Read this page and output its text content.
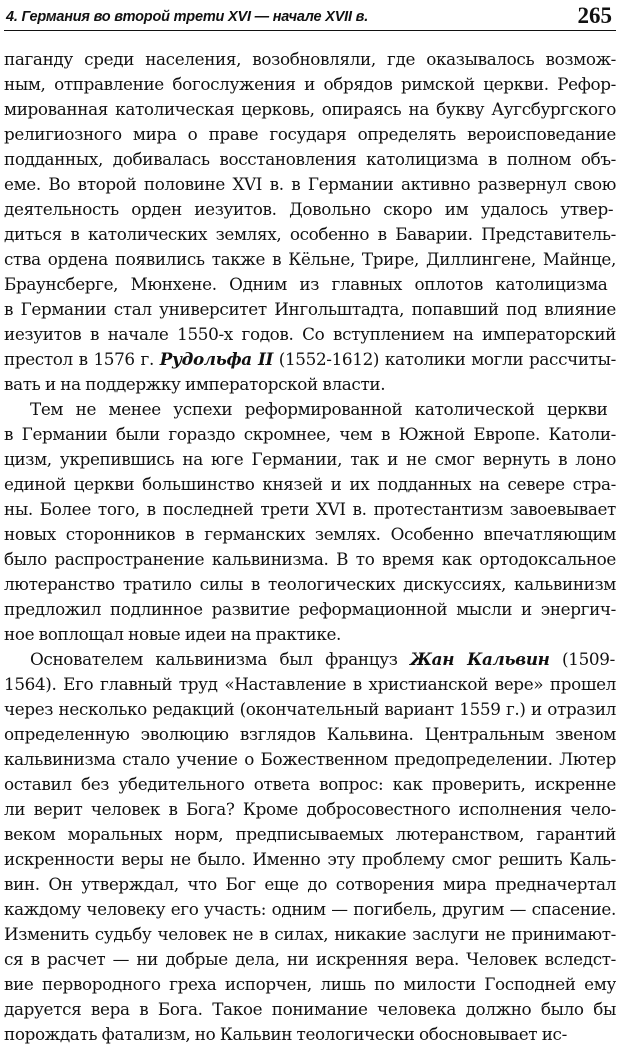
4. Германия во второй трети XVI — начале XVII в.	265
паганду среди населения, возобновляли, где оказывалось возмож-
ным, отправление богослужения и обрядов римской церкви. Рефор-
мированная католическая церковь, опираясь на букву Аугсбургского
религиозного мира о праве государя определять вероисповедание
подданных, добивалась восстановления католицизма в полном объ-
еме. Во второй половине XVI в. в Германии активно развернул свою
деятельность орден иезуитов. Довольно скоро им удалось утвер-
диться в католических землях, особенно в Баварии. Представитель-
ства ордена появились также в Кёльне, Трире, Диллингене, Майнце,
Браунсберге, Мюнхене. Одним из главных оплотов католицизма
в Германии стал университет Ингольштадта, попавший под влияние
иезуитов в начале 1550-х годов. Со вступлением на императорский
престол в 1576 г. Рудольфа II (1552-1612) католики могли рассчиты-
вать и на поддержку императорской власти.
Тем не менее успехи реформированной католической церкви
в Германии были гораздо скромнее, чем в Южной Европе. Католи-
цизм, укрепившись на юге Германии, так и не смог вернуть в лоно
единой церкви большинство князей и их подданных на севере стра-
ны. Более того, в последней трети XVI в. протестантизм завоевывает
новых сторонников в германских землях. Особенно впечатляющим
было распространение кальвинизма. В то время как ортодоксальное
лютеранство тратило силы в теологических дискуссиях, кальвинизм
предложил подлинное развитие реформационной мысли и энергич-
ное воплощал новые идеи на практике.
Основателем кальвинизма был француз Жан Кальвин (1509-
1564). Его главный труд «Наставление в христианской вере» прошел
через несколько редакций (окончательный вариант 1559 г.) и отразил
определенную эволюцию взглядов Кальвина. Центральным звеном
кальвинизма стало учение о Божественном предопределении. Лютер
оставил без убедительного ответа вопрос: как проверить, искренне
ли верит человек в Бога? Кроме добросовестного исполнения чело-
веком моральных норм, предписываемых лютеранством, гарантий
искренности веры не было. Именно эту проблему смог решить Каль-
вин. Он утверждал, что Бог еще до сотворения мира предначертал
каждому человеку его участь: одним — погибель, другим — спасение.
Изменить судьбу человек не в силах, никакие заслуги не принимают-
ся в расчет — ни добрые дела, ни искренняя вера. Человек вследст-
вие первородного греха испорчен, лишь по милости Господней ему
даруется вера в Бога. Такое понимание человека должно было бы
порождать фатализм, но Кальвин теологически обосновывает ис-
